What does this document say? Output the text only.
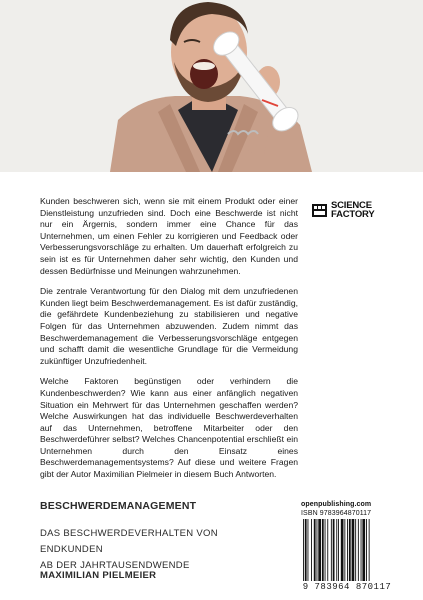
Kunden beschweren sich, wenn sie mit einem Produkt oder einer Dienstleistung unzufrieden sind. Doch eine Beschwerde ist nicht nur ein Ärgernis, sondern immer eine Chance für das Unternehmen, um einen Fehler zu korrigieren und Feedback oder Verbesserungsvorschläge zu erhalten. Um dauerhaft erfolgreich zu sein ist es für Unternehmen daher sehr wichtig, den Kunden und dessen Bedürfnisse und Meinungen wahrzunehmen.

Die zentrale Verantwortung für den Dialog mit dem unzufriedenen Kunden liegt beim Beschwerdemanagement. Es ist dafür zuständig, die gefährdete Kundenbeziehung zu stabilisieren und negative Folgen für das Unternehmen abzuwenden. Zudem nimmt das Beschwerdemanagement die Verbesserungsvorschläge entgegen und schafft damit die wesentliche Grundlage für die Vermeidung zukünftiger Unzufriedenheit.

Welche Faktoren begünstigen oder verhindern die Kundenbeschwerden? Wie kann aus einer anfänglich negativen Situation ein Mehrwert für das Unternehmen geschaffen werden? Welche Auswirkungen hat das individuelle Beschwerdeverhalten auf das Unternehmen, betroffene Mitarbeiter oder den Beschwerdeführer selbst? Welches Chancenpotential erschließt ein Unternehmen durch den Einsatz eines Beschwerdemanagementsystems? Auf diese und weitere Fragen gibt der Autor Maximilian Pielmeier in diesem Buch Antworten.

SCIENCE
FACTORY
BESCHWERDEMANAGEMENT
DAS BESCHWERDEVERHALTEN VON ENDKUNDEN
AB DER JAHRTAUSENDWENDE
MAXIMILIAN PIELMEIER
openpublishing.com
ISBN 9783964870117
9 783964 870117
